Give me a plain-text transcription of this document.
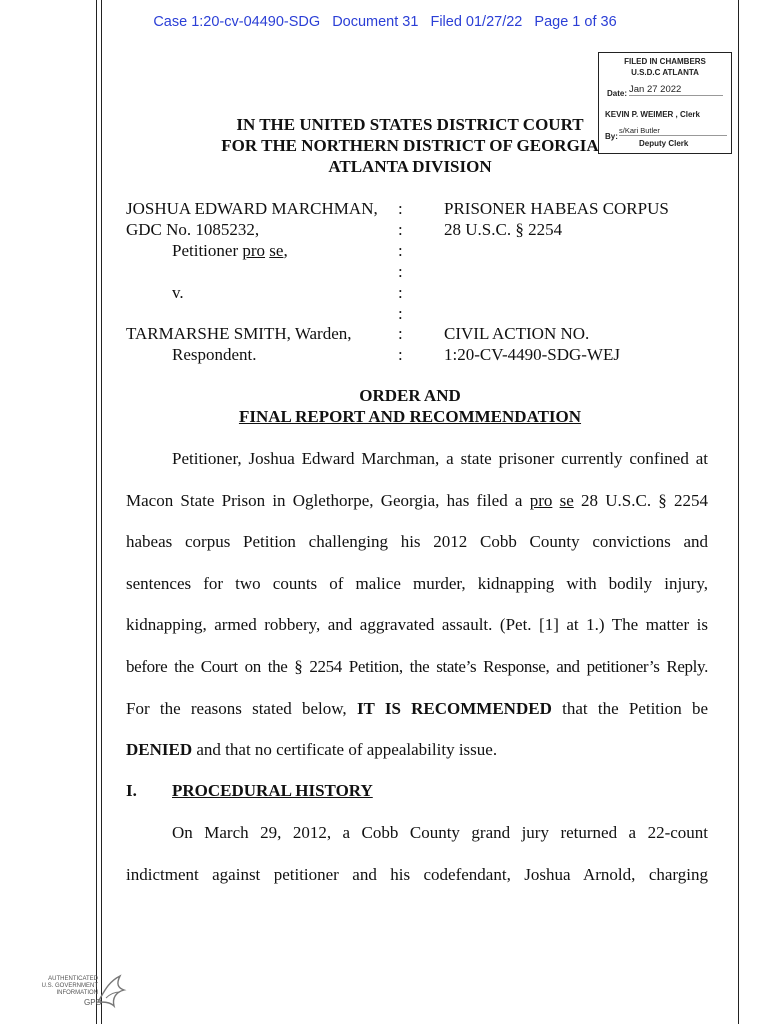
Case 1:20-cv-04490-SDG Document 31 Filed 01/27/22 Page 1 of 36
FILED IN CHAMBERS
U.S.D.C ATLANTA
Date: Jan 27 2022
KEVIN P. WEIMER , Clerk
By:
s/Kari Butler
Deputy Clerk
IN THE UNITED STATES DISTRICT COURT
FOR THE NORTHERN DISTRICT OF GEORGIA
ATLANTA DIVISION
JOSHUA EDWARD MARCHMAN,
GDC No. 1085232,
Petitioner pro se,
v.
TARMARSHE SMITH, Warden,
Respondent.
:
:
:
:
:
:
:
:
PRISONER HABEAS CORPUS
28 U.S.C. § 2254
CIVIL ACTION NO.
1:20-CV-4490-SDG-WEJ
ORDER AND
FINAL REPORT AND RECOMMENDATION
Petitioner, Joshua Edward Marchman, a state prisoner currently confined at
Macon State Prison in Oglethorpe, Georgia, has filed a pro se 28 U.S.C. § 2254
habeas corpus Petition challenging his 2012 Cobb County convictions and
sentences for two counts of malice murder, kidnapping with bodily injury,
kidnapping, armed robbery, and aggravated assault. (Pet. [1] at 1.) The matter is
before the Court on the § 2254 Petition, the state’s Response, and petitioner’s Reply.
For the reasons stated below, IT IS RECOMMENDED that the Petition be
DENIED and that no certificate of appealability issue.
I. PROCEDURAL HISTORY
On March 29, 2012, a Cobb County grand jury returned a 22-count
indictment against petitioner and his codefendant, Joshua Arnold, charging
AUTHENTICATED
U.S. GOVERNMENT
INFORMATION
GPO
